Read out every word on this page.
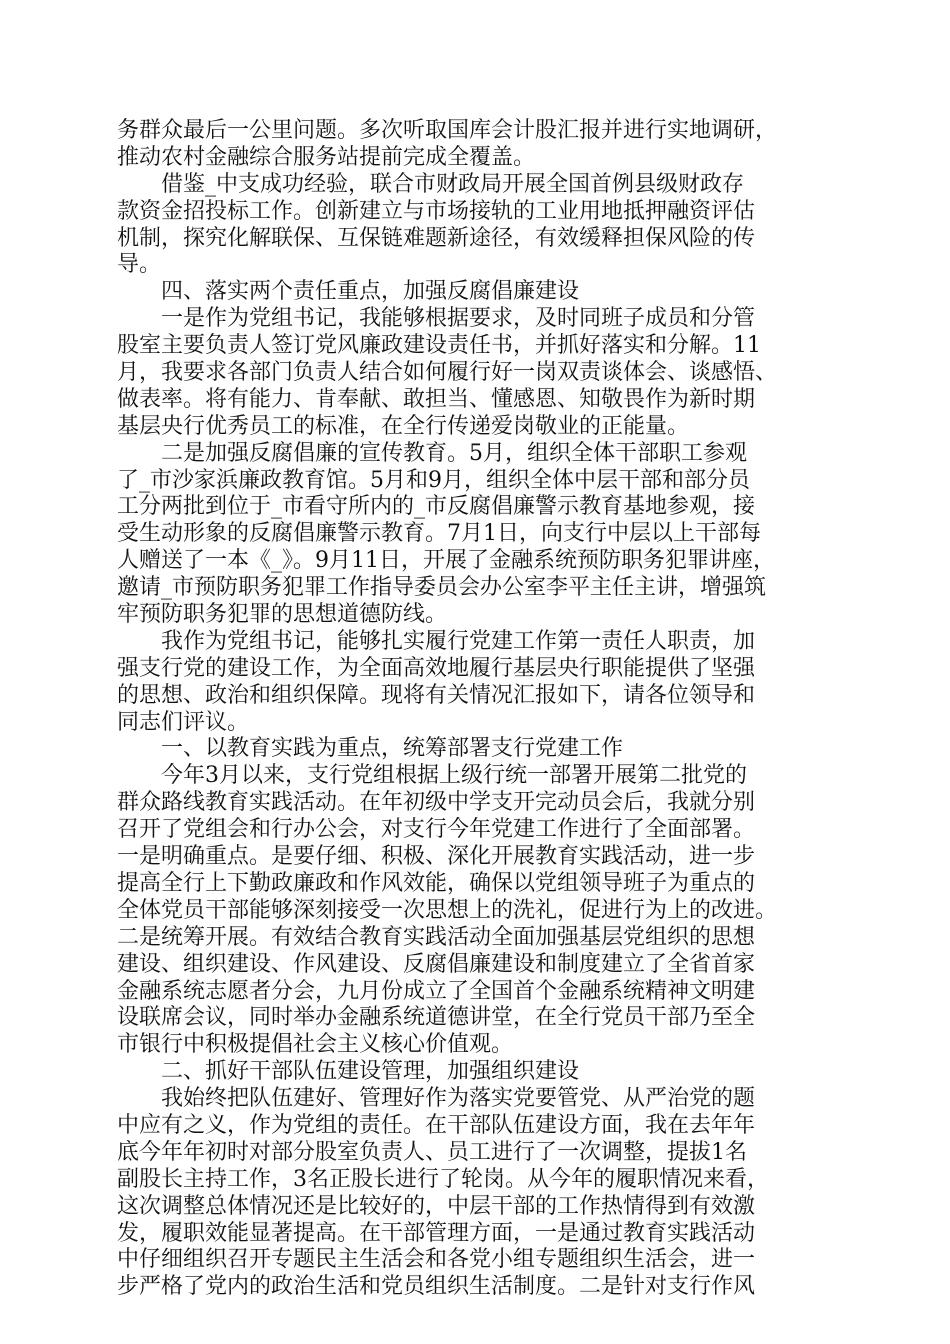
务群众最后一公里问题。多次听取国库会计股汇报并进行实地调研，
推动农村金融综合服务站提前完成全覆盖。
　　借鉴_中支成功经验，联合市财政局开展全国首例县级财政存
款资金招投标工作。创新建立与市场接轨的工业用地抵押融资评估
机制，探究化解联保、互保链难题新途径，有效缓释担保风险的传
导。
　　四、落实两个责任重点，加强反腐倡廉建设
　　一是作为党组书记，我能够根据要求，及时同班子成员和分管
股室主要负责人签订党风廉政建设责任书，并抓好落实和分解。11
月，我要求各部门负责人结合如何履行好一岗双责谈体会、谈感悟、
做表率。将有能力、肯奉献、敢担当、懂感恩、知敬畏作为新时期
基层央行优秀员工的标准，在全行传递爱岗敬业的正能量。
　　二是加强反腐倡廉的宣传教育。5月，组织全体干部职工参观
了_市沙家浜廉政教育馆。5月和9月，组织全体中层干部和部分员
工分两批到位于_市看守所内的_市反腐倡廉警示教育基地参观，接
受生动形象的反腐倡廉警示教育。7月1日，向支行中层以上干部每
人赠送了一本《_》。9月11日，开展了金融系统预防职务犯罪讲座，
邀请_市预防职务犯罪工作指导委员会办公室李平主任主讲，增强筑
牢预防职务犯罪的思想道德防线。
　　我作为党组书记，能够扎实履行党建工作第一责任人职责，加
强支行党的建设工作，为全面高效地履行基层央行职能提供了坚强
的思想、政治和组织保障。现将有关情况汇报如下，请各位领导和
同志们评议。
　　一、以教育实践为重点，统筹部署支行党建工作
　　今年3月以来，支行党组根据上级行统一部署开展第二批党的
群众路线教育实践活动。在年初级中学支开完动员会后，我就分别
召开了党组会和行办公会，对支行今年党建工作进行了全面部署。
一是明确重点。是要仔细、积极、深化开展教育实践活动，进一步
提高全行上下勤政廉政和作风效能，确保以党组领导班子为重点的
全体党员干部能够深刻接受一次思想上的洗礼，促进行为上的改进。
二是统筹开展。有效结合教育实践活动全面加强基层党组织的思想
建设、组织建设、作风建设、反腐倡廉建设和制度建立了全省首家
金融系统志愿者分会，九月份成立了全国首个金融系统精神文明建
设联席会议，同时举办金融系统道德讲堂，在全行党员干部乃至全
市银行中积极提倡社会主义核心价值观。
　　二、抓好干部队伍建设管理，加强组织建设
　　我始终把队伍建好、管理好作为落实党要管党、从严治党的题
中应有之义，作为党组的责任。在干部队伍建设方面，我在去年年
底今年年初时对部分股室负责人、员工进行了一次调整，提拔1名
副股长主持工作，3名正股长进行了轮岗。从今年的履职情况来看，
这次调整总体情况还是比较好的，中层干部的工作热情得到有效激
发，履职效能显著提高。在干部管理方面，一是通过教育实践活动
中仔细组织召开专题民主生活会和各党小组专题组织生活会，进一
步严格了党内的政治生活和党员组织生活制度。二是针对支行作风
